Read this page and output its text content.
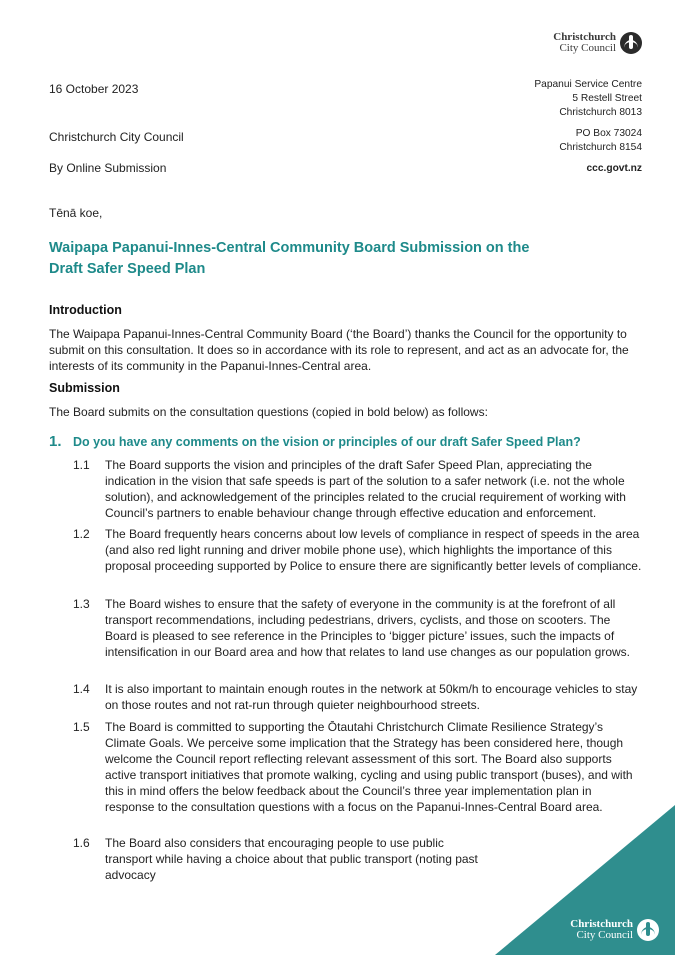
Christchurch
City Council

Papanui Service Centre
5 Restell Street
Christchurch 8013

PO Box 73024
Christchurch 8154

ccc.govt.nz

16 October 2023
Christchurch City Council
By Online Submission
Tēnā koe,
Waipapa Papanui-Innes-Central Community Board Submission on the
Draft Safer Speed Plan
Introduction

The Waipapa Papanui-Innes-Central Community Board (‘the Board’) thanks the Council for the opportunity to submit on this consultation. It does so in accordance with its role to represent, and act as an advocate for, the interests of its community in the Papanui-Innes-Central area.

Submission

The Board submits on the consultation questions (copied in bold below) as follows:

1. Do you have any comments on the vision or principles of our draft Safer Speed Plan?
1.1	The Board supports the vision and principles of the draft Safer Speed Plan, appreciating the indication in the vision that safe speeds is part of the solution to a safer network (i.e. not the whole solution), and acknowledgement of the principles related to the crucial requirement of working with Council’s partners to enable behaviour change through effective education and enforcement.
1.2	The Board frequently hears concerns about low levels of compliance in respect of speeds in the area (and also red light running and driver mobile phone use), which highlights the importance of this proposal proceeding supported by Police to ensure there are significantly better levels of compliance.
1.3	The Board wishes to ensure that the safety of everyone in the community is at the forefront of all transport recommendations, including pedestrians, drivers, cyclists, and those on scooters. The Board is pleased to see reference in the Principles to ‘bigger picture’ issues, such the impacts of intensification in our Board area and how that relates to land use changes as our population grows.
1.4	It is also important to maintain enough routes in the network at 50km/h to encourage vehicles to stay on those routes and not rat-run through quieter neighbourhood streets.
1.5	The Board is committed to supporting the Ōtautahi Christchurch Climate Resilience Strategy’s Climate Goals. We perceive some implication that the Strategy has been considered here, though welcome the Council report reflecting relevant assessment of this sort. The Board also supports active transport initiatives that promote walking, cycling and using public transport (buses), and with this in mind offers the below feedback about the Council’s three year implementation plan in response to the consultation questions with a focus on the Papanui-Innes-Central Board area.
1.6	The Board also considers that encouraging people to use public transport while having a choice about that public transport (noting past advocacy
Christchurch
City Council
